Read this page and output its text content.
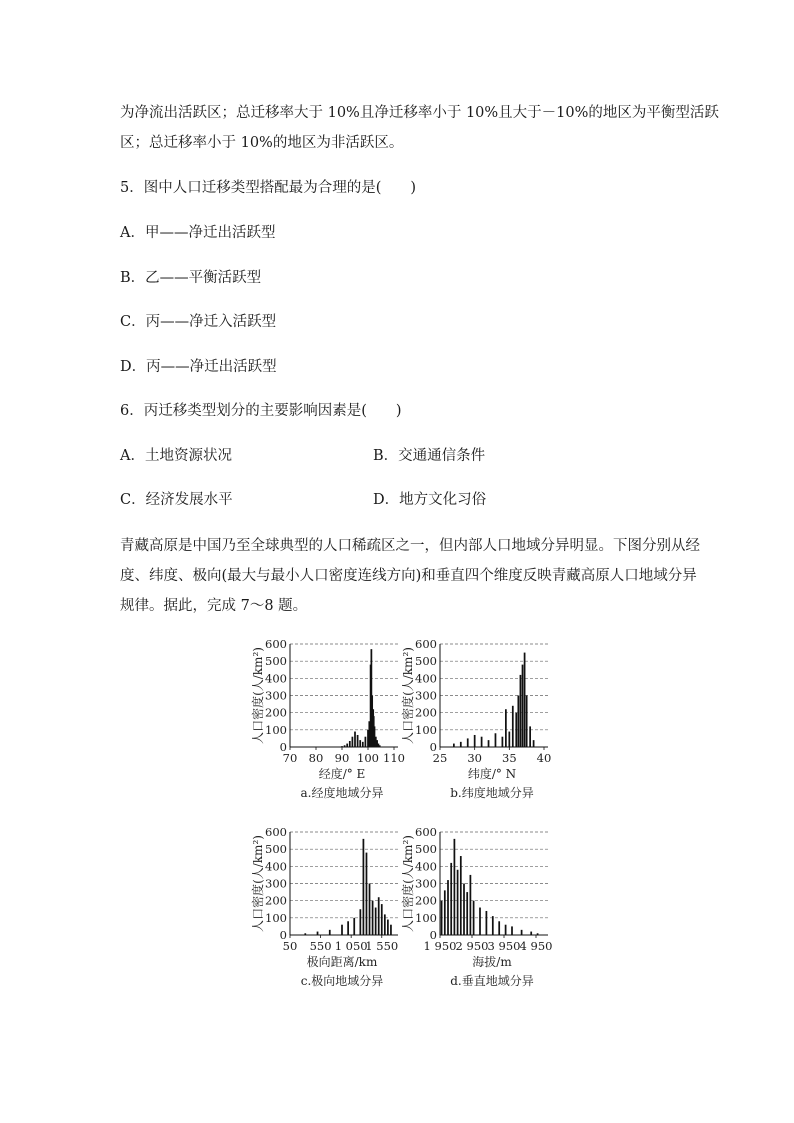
为净流出活跃区；总迁移率大于 10%且净迁移率小于 10%且大于－10%的地区为平衡型活跃
区；总迁移率小于 10%的地区为非活跃区。
5．图中人口迁移类型搭配最为合理的是(　　)
A．甲——净迁出活跃型
B．乙——平衡活跃型
C．丙——净迁入活跃型
D．丙——净迁出活跃型
6．丙迁移类型划分的主要影响因素是(　　)
A．土地资源状况	B．交通通信条件
C．经济发展水平	D．地方文化习俗
青藏高原是中国乃至全球典型的人口稀疏区之一，但内部人口地域分异明显。下图分别从经
度、纬度、极向(最大与最小人口密度连线方向)和垂直四个维度反映青藏高原人口地域分异
规律。据此，完成 7～8 题。
0
100
200
300
400
500
600
70 80 90 100 110
人口密度(人/km²)
经度/° E
a.经度地域分异
0
100
200
300
400
500
600
25 30 35 40
人口密度(人/km²)
纬度/° N
b.纬度地域分异
0
100
200
300
400
500
600
50 550 1 050
1 550
人口密度(人/km²)
极向距离/km
c.极向地域分异
0
100
200
300
400
500
600
1 950 2 950 3 950 4 950
人口密度(人/km²)
海拔/m
d.垂直地域分异
